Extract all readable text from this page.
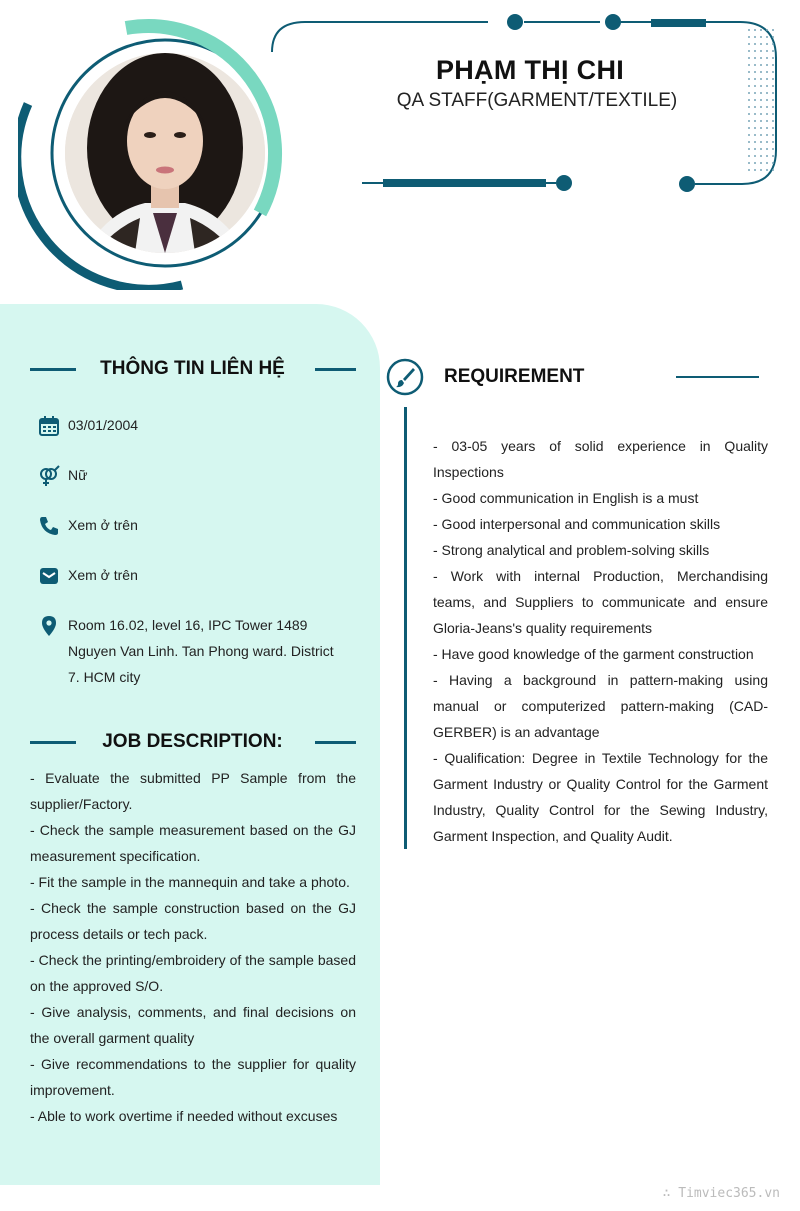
PHẠM THỊ CHI
QA STAFF(GARMENT/TEXTILE)
THÔNG TIN LIÊN HỆ
03/01/2004
Nữ
Xem ở trên
Xem ở trên
Room 16.02, level 16, IPC Tower 1489 Nguyen Van Linh. Tan Phong ward. District 7. HCM city
JOB DESCRIPTION:
- Evaluate the submitted PP Sample from the supplier/Factory.
- Check the sample measurement based on the GJ measurement specification.
- Fit the sample in the mannequin and take a photo.
- Check the sample construction based on the GJ process details or tech pack.
- Check the printing/embroidery of the sample based on the approved S/O.
- Give analysis, comments, and final decisions on the overall garment quality
- Give recommendations to the supplier for quality improvement.
- Able to work overtime if needed without excuses
REQUIREMENT
- 03-05 years of solid experience in Quality Inspections
- Good communication in English is a must
- Good interpersonal and communication skills
- Strong analytical and problem-solving skills
- Work with internal Production, Merchandising teams, and Suppliers to communicate and ensure Gloria-Jeans's quality requirements
- Have good knowledge of the garment construction
- Having a background in pattern-making using manual or computerized pattern-making (CAD-GERBER) is an advantage
- Qualification: Degree in Textile Technology for the Garment Industry or Quality Control for the Garment Industry, Quality Control for the Sewing Industry, Garment Inspection, and Quality Audit.
∴ Timviec365.vn
